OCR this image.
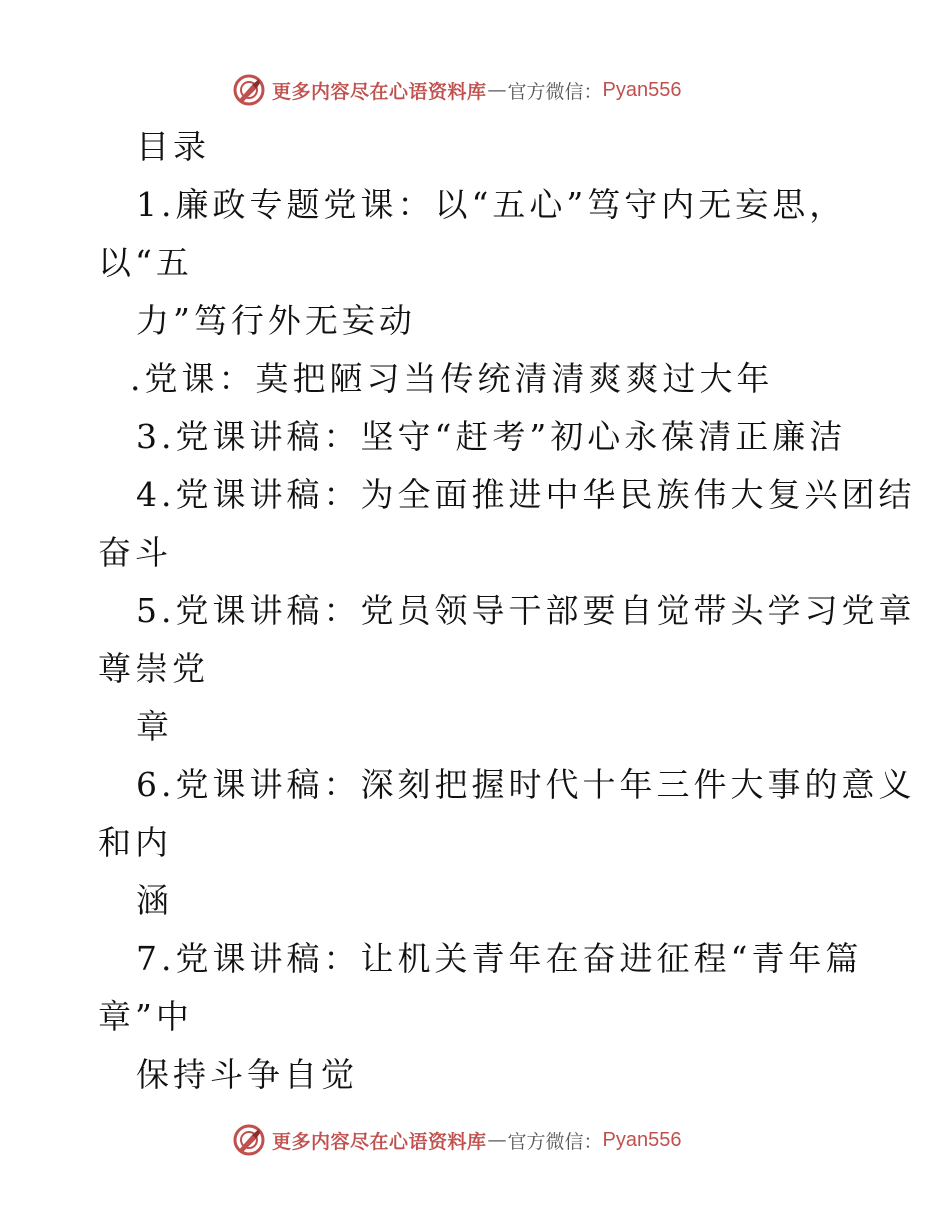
更多内容尽在心语资料库 — 官方微信： Pyan556
目录
1.廉政专题党课：以“五心”笃守内无妄思，
以“五
力”笃行外无妄动
.党课：莫把陋习当传统清清爽爽过大年
3.党课讲稿：坚守“赶考”初心永葆清正廉洁
4.党课讲稿：为全面推进中华民族伟大复兴团结
奋斗
5.党课讲稿：党员领导干部要自觉带头学习党章
尊崇党
章
6.党课讲稿：深刻把握时代十年三件大事的意义
和内
涵
7.党课讲稿：让机关青年在奋进征程“青年篇
章”中
保持斗争自觉
更多内容尽在心语资料库 — 官方微信： Pyan556
